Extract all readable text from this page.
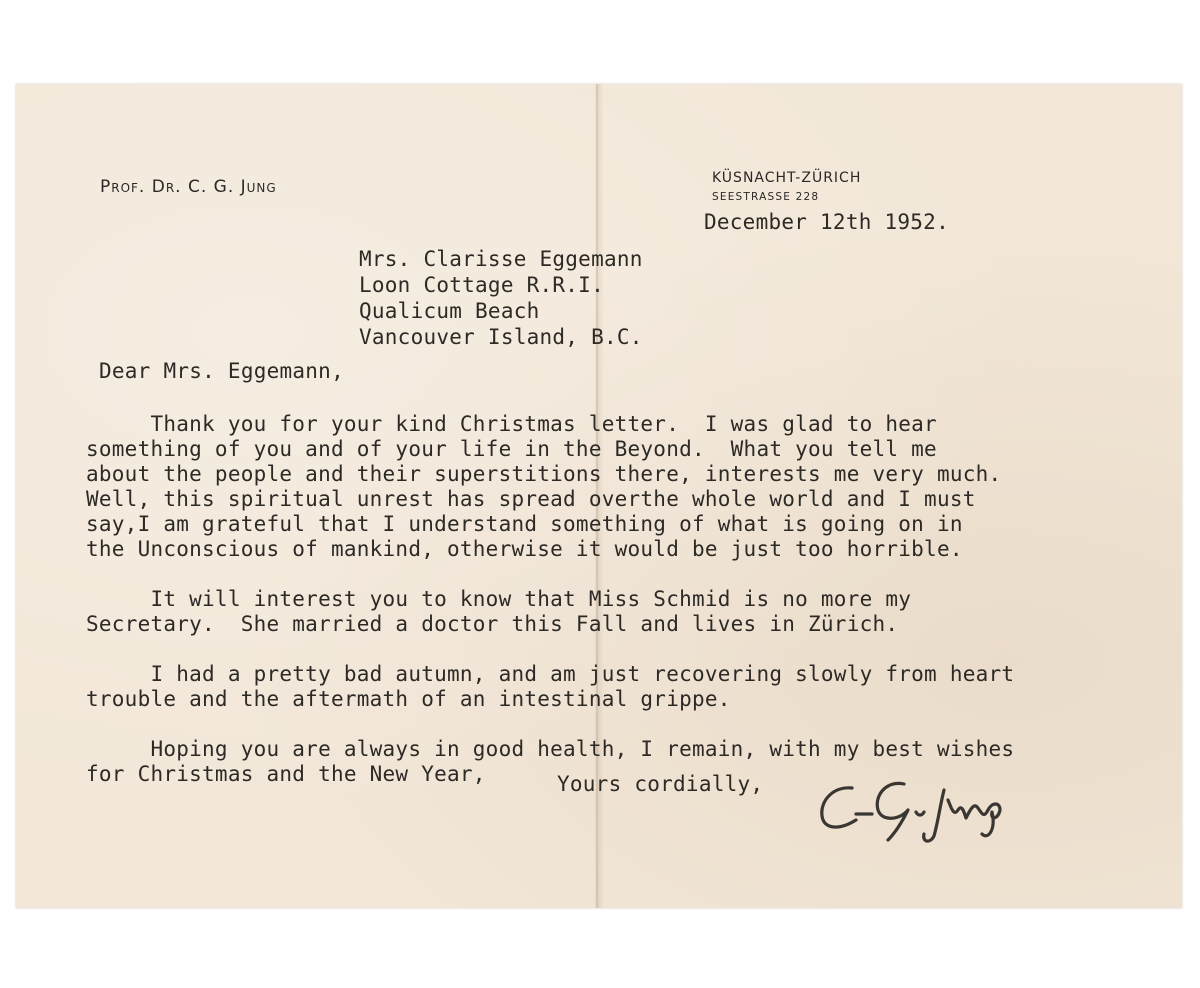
Prof. Dr. C. G. Jung	KÜSNACHT-ZÜRICH
SEESTRASSE 228
December 12th 1952.
Mrs. Clarisse Eggemann
Loon Cottage R.R.I.
Qualicum Beach
Vancouver Island, B.C.
Dear Mrs. Eggemann,
Thank you for your kind Christmas letter.  I was glad to hear
something of you and of your life in the Beyond.  What you tell me
about the people and their superstitions there, interests me very much.
Well, this spiritual unrest has spread overthe whole world and I must
say,I am grateful that I understand something of what is going on in
the Unconscious of mankind, otherwise it would be just too horrible.
It will interest you to know that Miss Schmid is no more my
Secretary.  She married a doctor this Fall and lives in Zürich.
I had a pretty bad autumn, and am just recovering slowly from heart
trouble and the aftermath of an intestinal grippe.
Hoping you are always in good health, I remain, with my best wishes
for Christmas and the New Year,	Yours cordially,
